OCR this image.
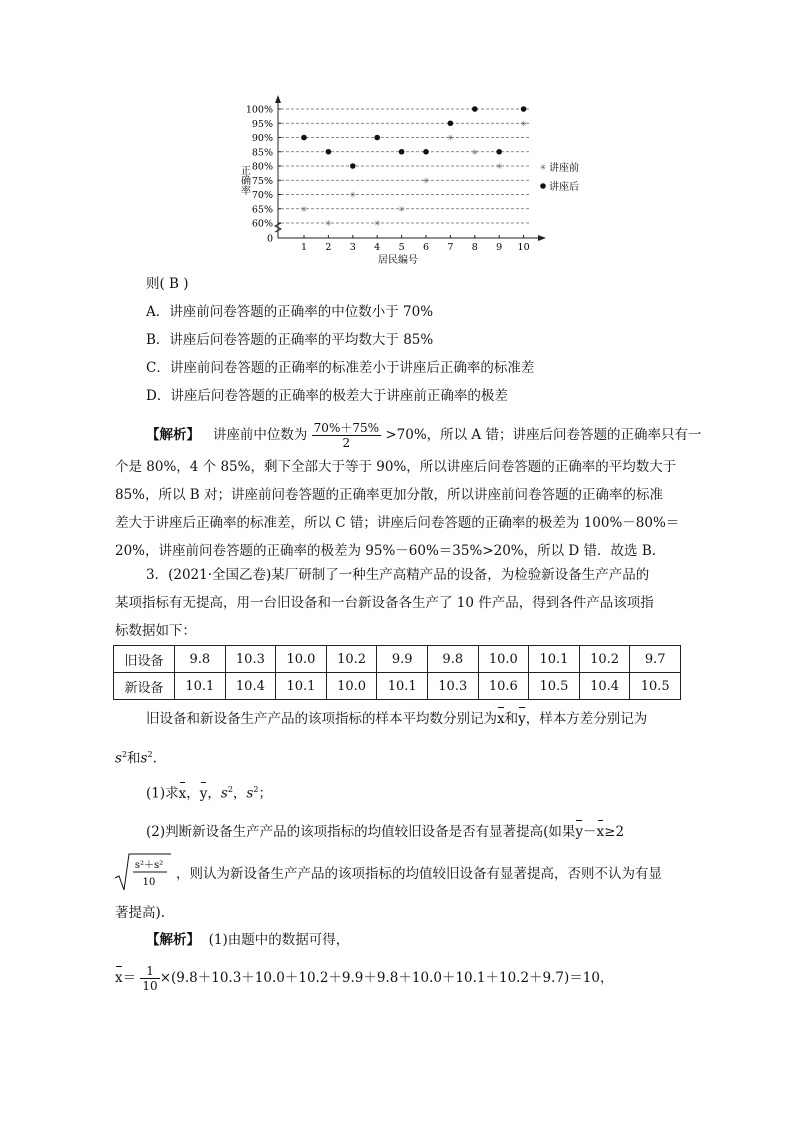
0
60%
65%
70%
75%
80%
85%
90%
95%
100%
1 2 3 4 5 6 7 8 9 10
✳
✳
✳
✳
✳
✳
✳
✳
✳
✳
✳ 讲座前
讲座后
正确率
居民编号
则( B )
A．讲座前问卷答题的正确率的中位数小于 70%
B．讲座后问卷答题的正确率的平均数大于 85%
C．讲座前问卷答题的正确率的标准差小于讲座后正确率的标准差
D．讲座后问卷答题的正确率的极差大于讲座前正确率的极差
【解析】 讲座前中位数为 $\frac{70\%+75\%}{2} >70\%$，所以 A 错；讲座后问卷答题的正确率只有一
个是 80%，4 个 85%，剩下全部大于等于 90%，所以讲座后问卷答题的正确率的平均数大于
85%，所以 B 对；讲座前问卷答题的正确率更加分散，所以讲座前问卷答题的正确率的标准
差大于讲座后正确率的标准差，所以 C 错；讲座后问卷答题的正确率的极差为 100%－80%＝
20%，讲座前问卷答题的正确率的极差为 95%－60%＝35%>20%，所以 D 错．故选 B.
3．(2021·全国乙卷)某厂研制了一种生产高精产品的设备，为检验新设备生产产品的
某项指标有无提高，用一台旧设备和一台新设备各生产了 10 件产品，得到各件产品该项指
标数据如下：
旧设备	9.8	10.3	10.0	10.2	9.9	9.8	10.0	10.1	10.2	9.7
新设备	10.1	10.4	10.1	10.0	10.1	10.3	10.6	10.5	10.4	10.5
旧设备和新设备生产产品的该项指标的样本平均数分别记为x和y，样本方差分别记为
$s^2$和$s^2$.
(1)求x，y，$s^2$，$s^2$；
(2)判断新设备生产产品的该项指标的均值较旧设备是否有显著提高(如果y－x≥2
s²＋s²
10
，则认为新设备生产产品的该项指标的均值较旧设备有显著提高，否则不认为有显
著提高).
【解析】 (1)由题中的数据可得，
$x= \frac{1}{10} \times(9.8+10.3+10.0+10.2+9.9+9.8+10.0+10.1+10.2+9.7)=10$，
